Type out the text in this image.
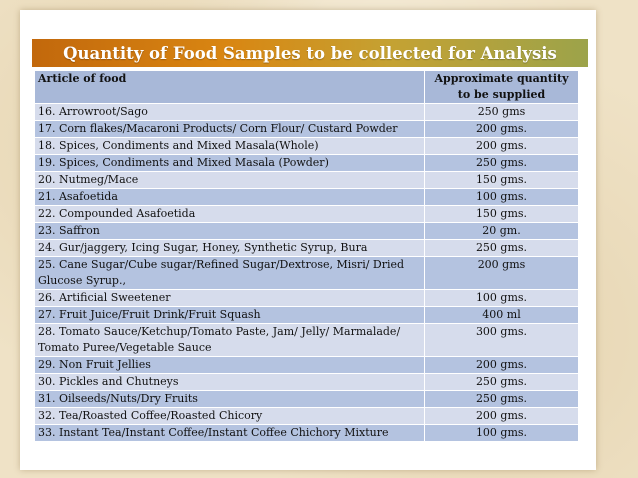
Quantity of Food Samples to be collected for Analysis
Article of food	Approximate quantity to be supplied
16. Arrowroot/Sago	250 gms
17. Corn flakes/Macaroni Products/ Corn Flour/ Custard Powder	200 gms.
18. Spices, Condiments and Mixed Masala(Whole)	200 gms.
19. Spices, Condiments and Mixed Masala (Powder)	250 gms.
20. Nutmeg/Mace	150 gms.
21. Asafoetida	100 gms.
22. Compounded Asafoetida	150 gms.
23. Saffron	20 gm.
24. Gur/jaggery, Icing Sugar, Honey, Synthetic Syrup, Bura	250 gms.
25. Cane Sugar/Cube sugar/Refined Sugar/Dextrose, Misri/ Dried Glucose Syrup.,	200 gms
26. Artificial Sweetener	100 gms.
27. Fruit Juice/Fruit Drink/Fruit Squash	400 ml
28. Tomato Sauce/Ketchup/Tomato Paste, Jam/ Jelly/ Marmalade/ Tomato Puree/Vegetable Sauce	300 gms.
29. Non Fruit Jellies	200 gms.
30. Pickles and Chutneys	250 gms.
31. Oilseeds/Nuts/Dry Fruits	250 gms.
32. Tea/Roasted Coffee/Roasted Chicory	200 gms.
33. Instant Tea/Instant Coffee/Instant Coffee Chichory Mixture	100 gms.
